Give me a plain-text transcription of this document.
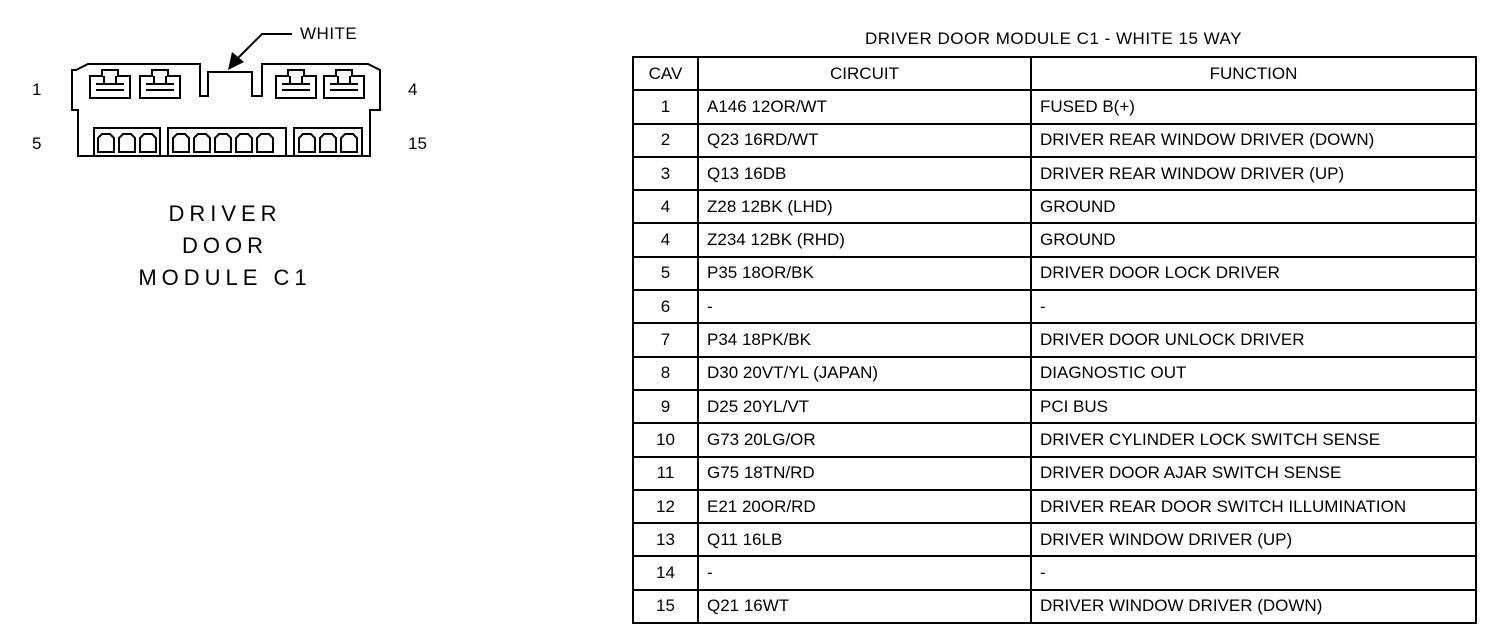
WHITE
1	4
5	15
DRIVER
DOOR
MODULE C1
DRIVER DOOR MODULE C1 - WHITE 15 WAY
CAV	CIRCUIT	FUNCTION
1	A146 12OR/WT	FUSED B(+)
2	Q23 16RD/WT	DRIVER REAR WINDOW DRIVER (DOWN)
3	Q13 16DB	DRIVER REAR WINDOW DRIVER (UP)
4	Z28 12BK (LHD)	GROUND
4	Z234 12BK (RHD)	GROUND
5	P35 18OR/BK	DRIVER DOOR LOCK DRIVER
6	-	-
7	P34 18PK/BK	DRIVER DOOR UNLOCK DRIVER
8	D30 20VT/YL (JAPAN)	DIAGNOSTIC OUT
9	D25 20YL/VT	PCI BUS
10	G73 20LG/OR	DRIVER CYLINDER LOCK SWITCH SENSE
11	G75 18TN/RD	DRIVER DOOR AJAR SWITCH SENSE
12	E21 20OR/RD	DRIVER REAR DOOR SWITCH ILLUMINATION
13	Q11 16LB	DRIVER WINDOW DRIVER (UP)
14	-	-
15	Q21 16WT	DRIVER WINDOW DRIVER (DOWN)
